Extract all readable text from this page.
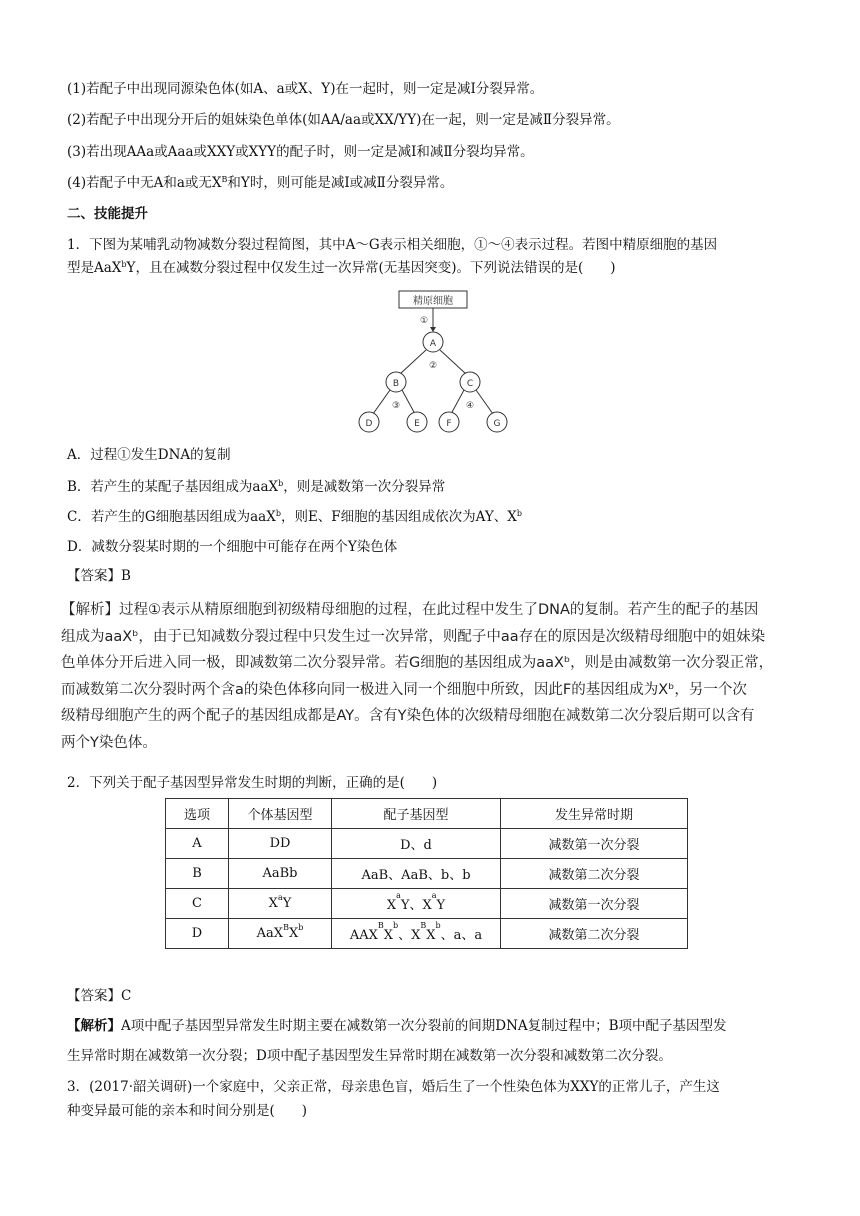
(1)若配子中出现同源染色体(如A、a或X、Y)在一起时，则一定是减Ⅰ分裂异常。
(2)若配子中出现分开后的姐妹染色单体(如AA/aa或XX/YY)在一起，则一定是减Ⅱ分裂异常。
(3)若出现AAa或Aaa或XXY或XYY的配子时，则一定是减Ⅰ和减Ⅱ分裂均异常。
(4)若配子中无A和a或无$X^B$和Y时，则可能是减Ⅰ或减Ⅱ分裂异常。
二、技能提升
1．下图为某哺乳动物减数分裂过程简图，其中A～G表示相关细胞，①～④表示过程。若图中精原细胞的基因
型是AaX$^b$Y，且在减数分裂过程中仅发生过一次异常(无基因突变)。下列说法错误的是(　　)
精原细胞
①
A
②
B	C
③	④
D	E	F	G
A．过程①发生DNA的复制
B．若产生的某配子基因组成为aaX$^b$，则是减数第一次分裂异常
C．若产生的G细胞基因组成为aaX$^b$，则E、F细胞的基因组成依次为AY、$X^b$
D．减数分裂某时期的一个细胞中可能存在两个Y染色体
【答案】B
【解析】过程①表示从精原细胞到初级精母细胞的过程，在此过程中发生了DNA的复制。若产生的配子的基因
组成为aaXᵇ，由于已知减数分裂过程中只发生过一次异常，则配子中aa存在的原因是次级精母细胞中的姐妹染
色单体分开后进入同一极，即减数第二次分裂异常。若G细胞的基因组成为aaXᵇ，则是由减数第一次分裂正常，
而减数第二次分裂时两个含a的染色体移向同一极进入同一个细胞中所致，因此F的基因组成为Xᵇ，另一个次
级精母细胞产生的两个配子的基因组成都是AY。含有Y染色体的次级精母细胞在减数第二次分裂后期可以含有
两个Y染色体。
2．下列关于配子基因型异常发生时期的判断，正确的是(　　)
选项	个体基因型	配子基因型	发生异常时期
A	DD	D、d	减数第一次分裂
B	AaBb	AaB、AaB、b、b	减数第二次分裂
C	$X^aY$	$X^aY$、$X^aY$	减数第一次分裂
D	$AaX^BX^b$	$AAX^BX^b$、$X^BX^b$、a、a	减数第二次分裂
【答案】C
【解析】A项中配子基因型异常发生时期主要在减数第一次分裂前的间期DNA复制过程中；B项中配子基因型发
生异常时期在减数第一次分裂；D项中配子基因型发生异常时期在减数第一次分裂和减数第二次分裂。
3．(2017·韶关调研)一个家庭中，父亲正常，母亲患色盲，婚后生了一个性染色体为XXY的正常儿子，产生这
种变异最可能的亲本和时间分别是(　　)
